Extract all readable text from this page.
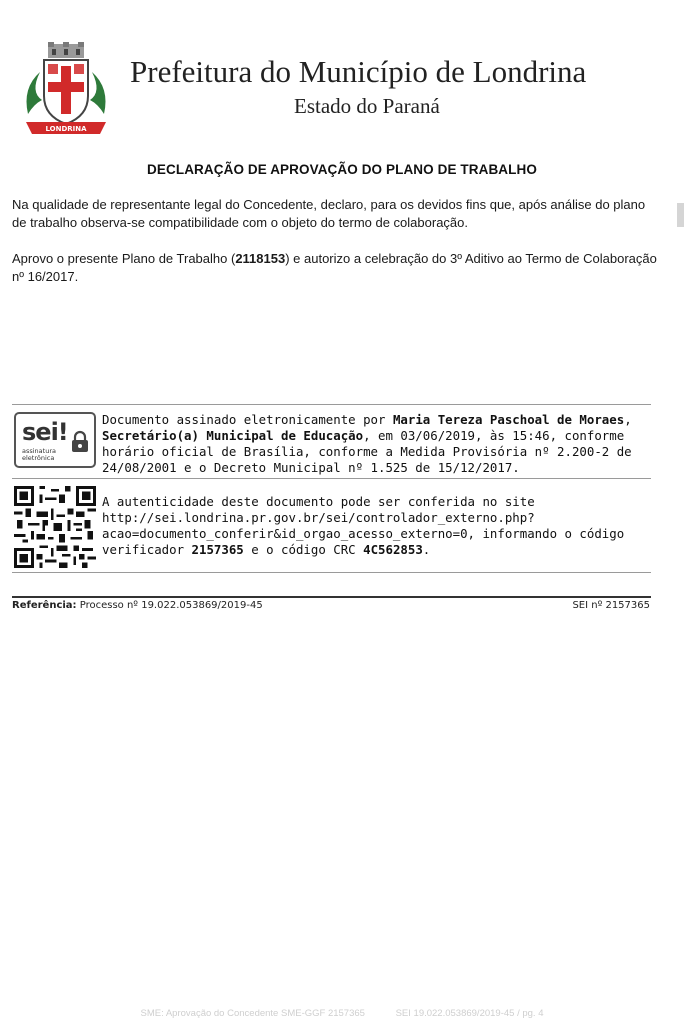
LONDRINA
Prefeitura do Município de Londrina
Estado do Paraná
DECLARAÇÃO DE APROVAÇÃO DO PLANO DE TRABALHO
Na qualidade de representante legal do Concedente, declaro, para os devidos fins que, após análise do plano de trabalho observa-se compatibilidade com o objeto do termo de colaboração.
Aprovo o presente Plano de Trabalho (2118153) e autorizo a celebração do 3º Aditivo ao Termo de Colaboração nº 16/2017.
sei!
assinatura
eletrônica
Documento assinado eletronicamente por Maria Tereza Paschoal de Moraes, Secretário(a) Municipal de Educação, em 03/06/2019, às 15:46, conforme horário oficial de Brasília, conforme a Medida Provisória nº 2.200-2 de 24/08/2001 e o Decreto Municipal nº 1.525 de 15/12/2017.
A autenticidade deste documento pode ser conferida no site http://sei.londrina.pr.gov.br/sei/controlador_externo.php?acao=documento_conferir&id_orgao_acesso_externo=0, informando o código verificador 2157365 e o código CRC 4C562853.
Referência: Processo nº 19.022.053869/2019-45	SEI nº 2157365
SME: Aprovação do Concedente SME-GGF 2157365	SEI 19.022.053869/2019-45 / pg. 4
